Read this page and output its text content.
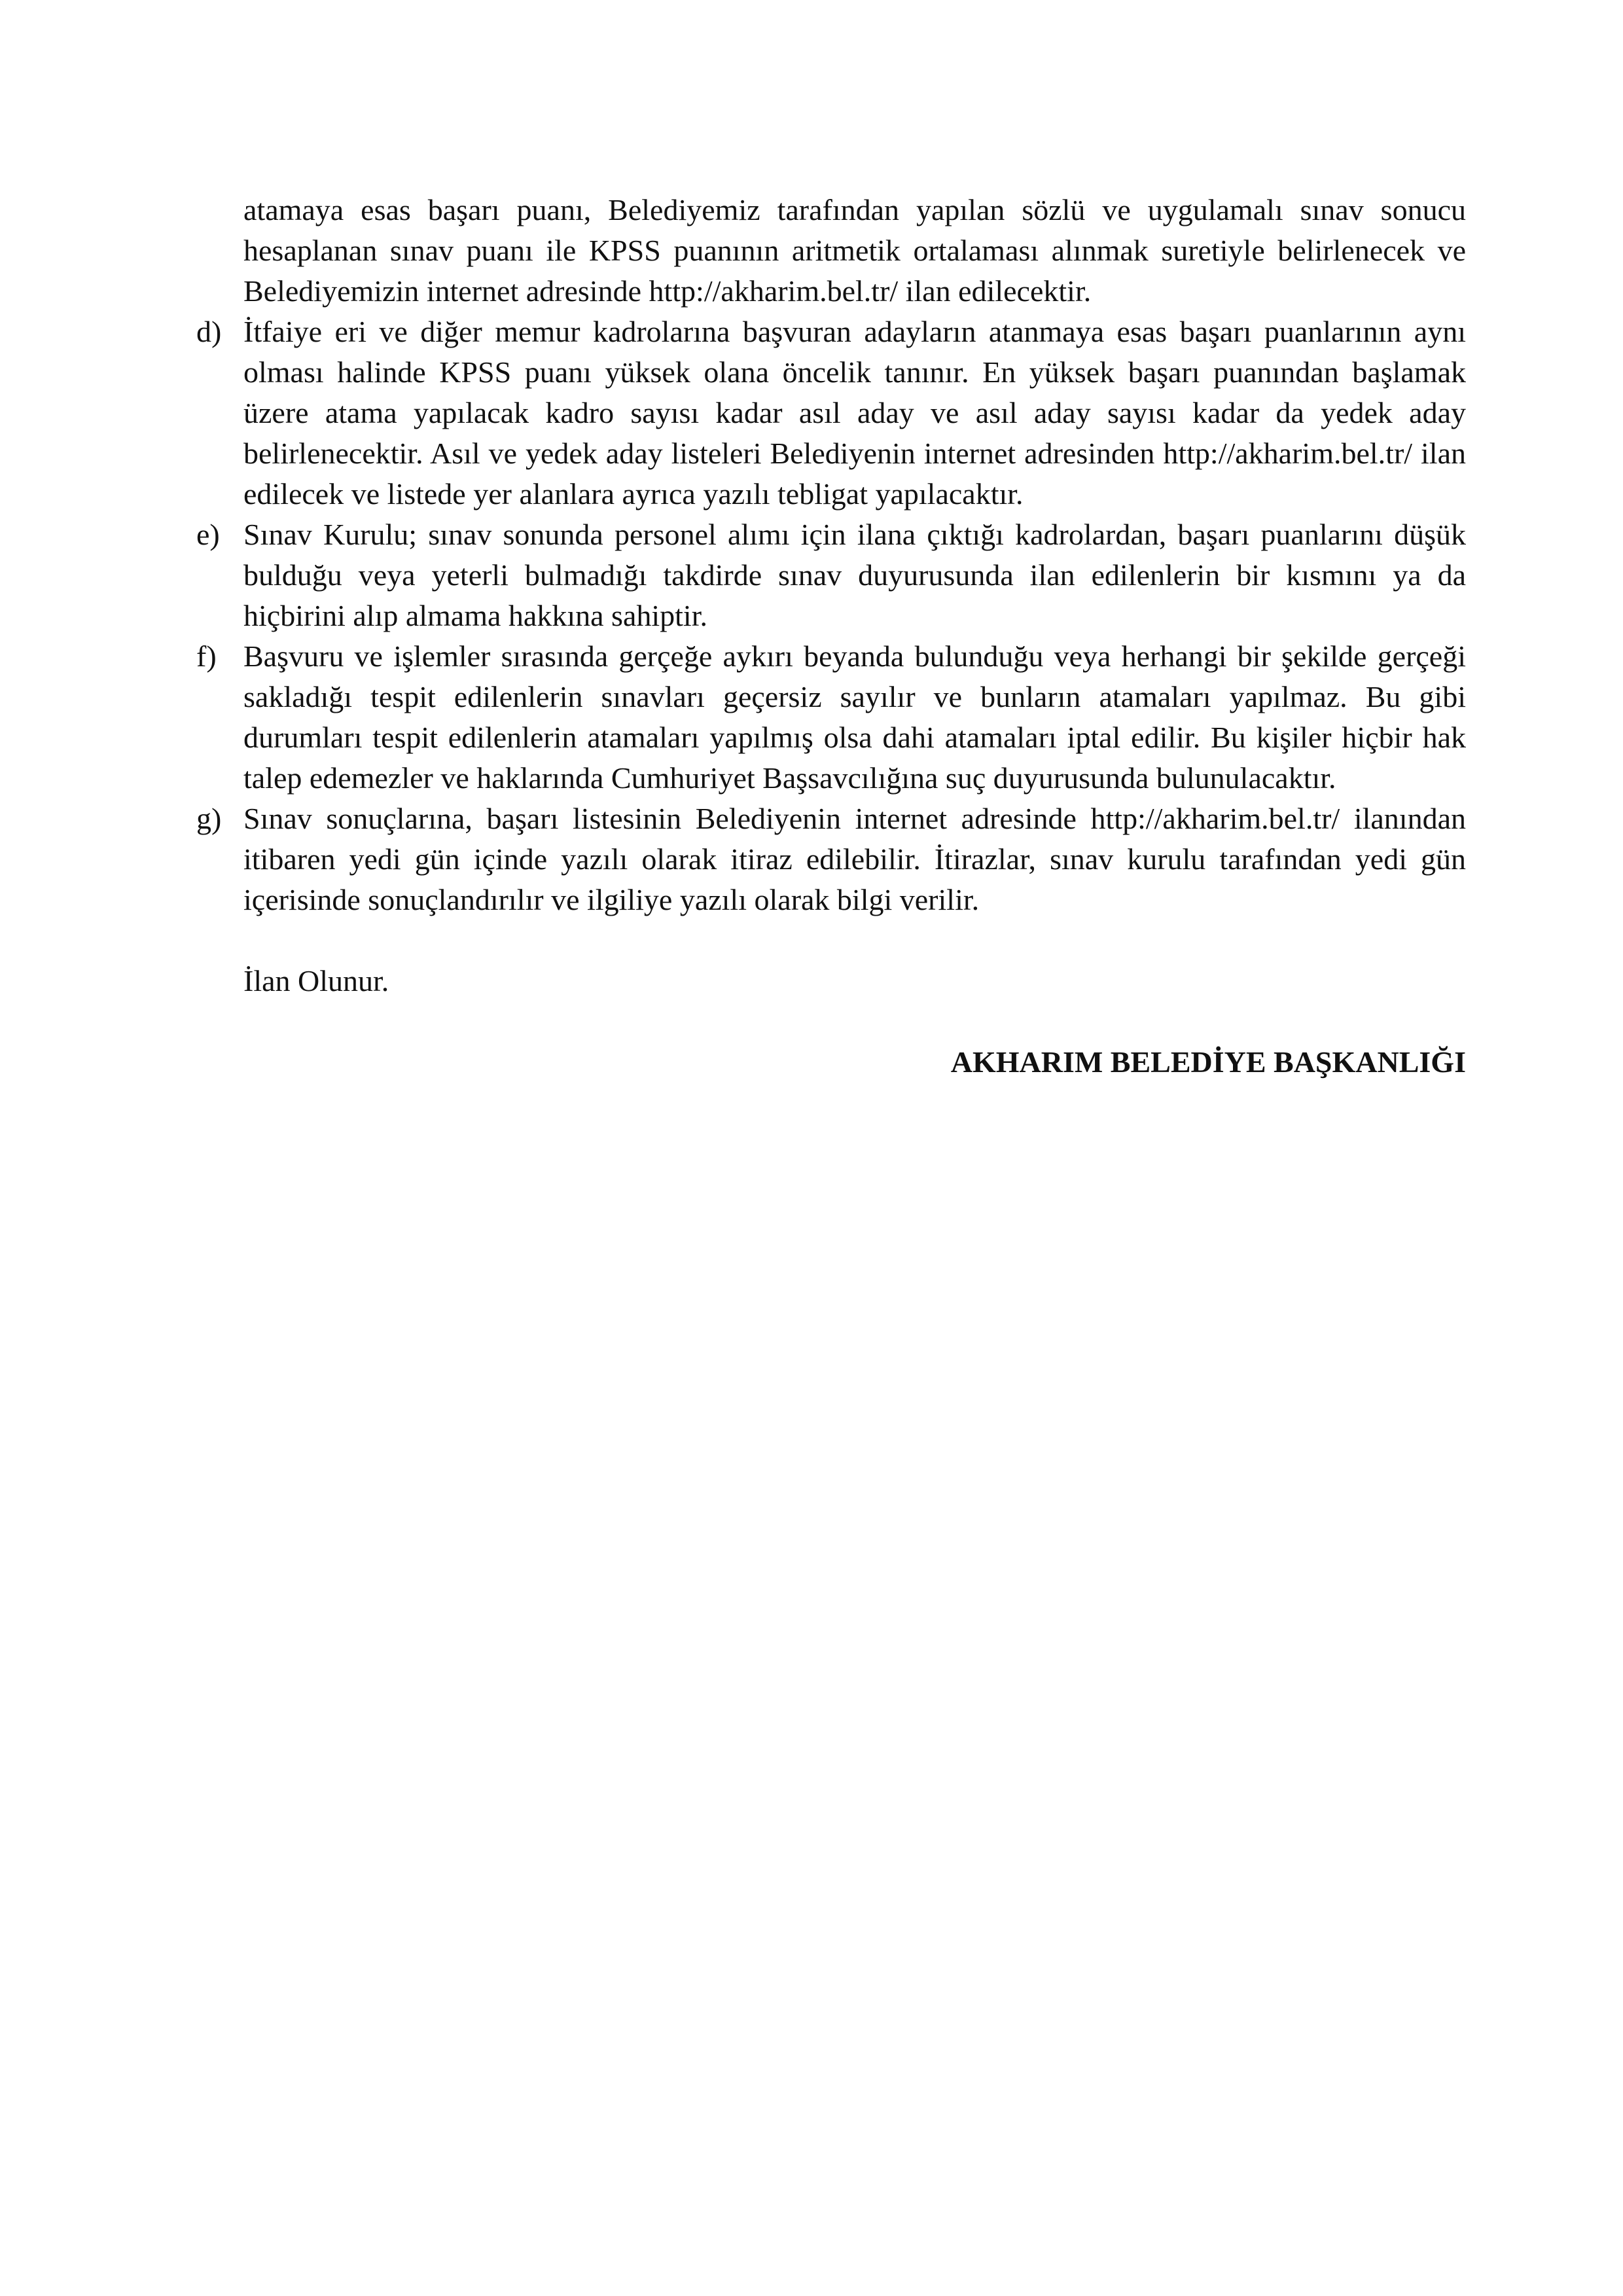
atamaya esas başarı puanı, Belediyemiz tarafından yapılan sözlü ve uygulamalı sınav sonucu hesaplanan sınav puanı ile KPSS puanının aritmetik ortalaması alınmak suretiyle belirlenecek ve Belediyemizin internet adresinde http://akharim.bel.tr/ ilan edilecektir.

d) İtfaiye eri ve diğer memur kadrolarına başvuran adayların atanmaya esas başarı puanlarının aynı olması halinde KPSS puanı yüksek olana öncelik tanınır. En yüksek başarı puanından başlamak üzere atama yapılacak kadro sayısı kadar asıl aday ve asıl aday sayısı kadar da yedek aday belirlenecektir. Asıl ve yedek aday listeleri Belediyenin internet adresinden http://akharim.bel.tr/ ilan edilecek ve listede yer alanlara ayrıca yazılı tebligat yapılacaktır.
e) Sınav Kurulu; sınav sonunda personel alımı için ilana çıktığı kadrolardan, başarı puanlarını düşük bulduğu veya yeterli bulmadığı takdirde sınav duyurusunda ilan edilenlerin bir kısmını ya da hiçbirini alıp almama hakkına sahiptir.
f) Başvuru ve işlemler sırasında gerçeğe aykırı beyanda bulunduğu veya herhangi bir şekilde gerçeği sakladığı tespit edilenlerin sınavları geçersiz sayılır ve bunların atamaları yapılmaz. Bu gibi durumları tespit edilenlerin atamaları yapılmış olsa dahi atamaları iptal edilir. Bu kişiler hiçbir hak talep edemezler ve haklarında Cumhuriyet Başsavcılığına suç duyurusunda bulunulacaktır.
g) Sınav sonuçlarına, başarı listesinin Belediyenin internet adresinde http://akharim.bel.tr/ ilanından itibaren yedi gün içinde yazılı olarak itiraz edilebilir. İtirazlar, sınav kurulu tarafından yedi gün içerisinde sonuçlandırılır ve ilgiliye yazılı olarak bilgi verilir.

İlan Olunur.

AKHARIM BELEDİYE BAŞKANLIĞI
